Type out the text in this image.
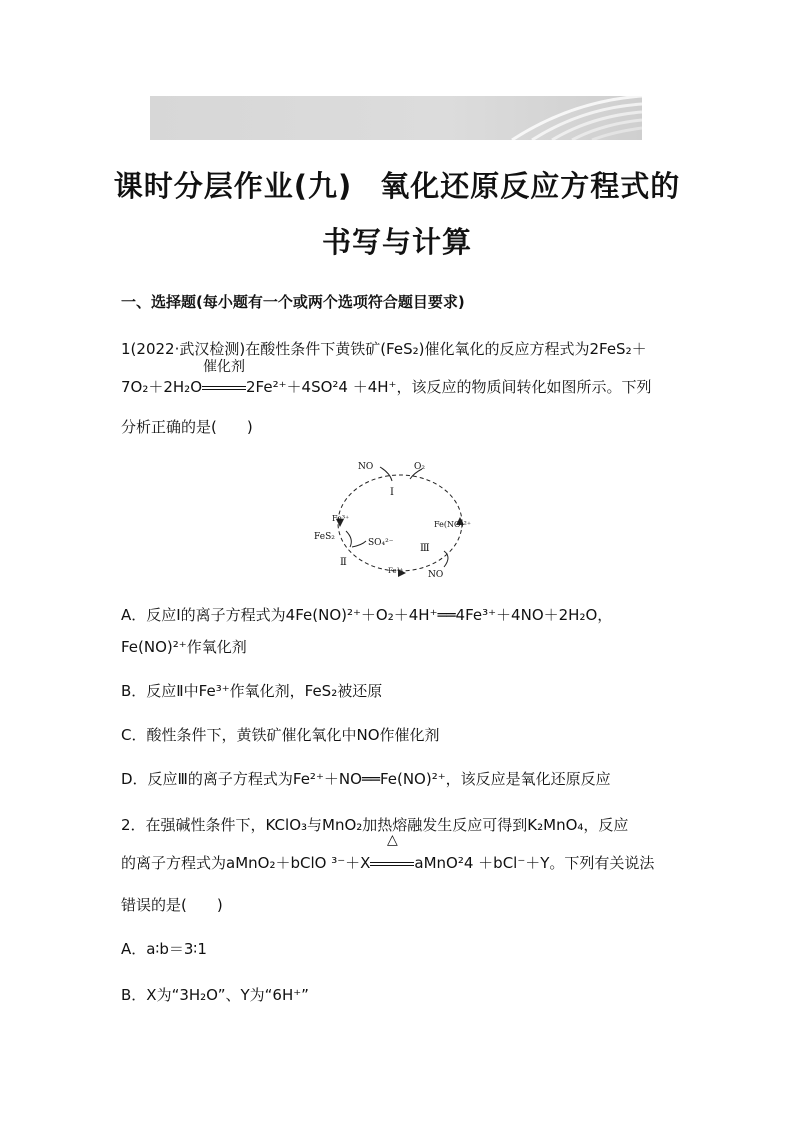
课时分层作业(九) 氧化还原反应方程式的
书写与计算
一、选择题(每小题有一个或两个选项符合题目要求)
1(2022·武汉检测)在酸性条件下黄铁矿(FeS₂)催化氧化的反应方程式为2FeS₂＋
7O₂＋2H₂O
催化剂
2Fe²⁺＋4SO²4 ＋4H⁺，该反应的物质间转化如图所示。下列
分析正确的是(　　)
NO	O₂
Ⅰ
Fe³⁺
Fe(NO)²⁺
FeS₂
SO₄²⁻	Ⅲ
Ⅱ
Fe²⁺	NO
A．反应Ⅰ的离子方程式为4Fe(NO)²⁺＋O₂＋4H⁺══4Fe³⁺＋4NO＋2H₂O，
Fe(NO)²⁺作氧化剂
B．反应Ⅱ中Fe³⁺作氧化剂，FeS₂被还原
C．酸性条件下，黄铁矿催化氧化中NO作催化剂
D．反应Ⅲ的离子方程式为Fe²⁺＋NO══Fe(NO)²⁺，该反应是氧化还原反应
2．在强碱性条件下，KClO₃与MnO₂加热熔融发生反应可得到K₂MnO₄，反应
的离子方程式为aMnO₂＋bClO ³⁻＋X
△
aMnO²4 ＋bCl⁻＋Y。下列有关说法
错误的是(　　)
A．a∶b＝3∶1
B．X为“3H₂O”、Y为“6H⁺”
